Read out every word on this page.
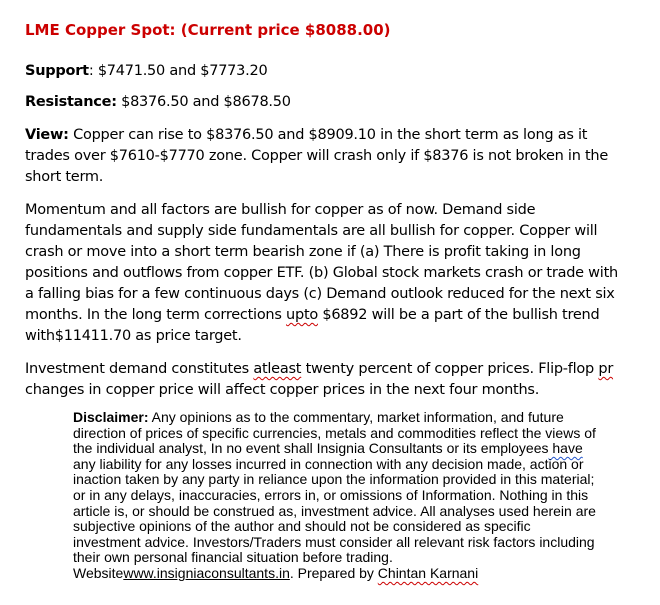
LME Copper Spot: (Current price $8088.00)
Support: $7471.50 and $7773.20
Resistance: $8376.50 and $8678.50
View: Copper can rise to $8376.50 and $8909.10 in the short term as long as it
trades over $7610-$7770 zone. Copper will crash only if $8376 is not broken in the
short term.
Momentum and all factors are bullish for copper as of now. Demand side
fundamentals and supply side fundamentals are all bullish for copper. Copper will
crash or move into a short term bearish zone if (a) There is profit taking in long
positions and outflows from copper ETF. (b) Global stock markets crash or trade with
a falling bias for a few continuous days (c) Demand outlook reduced for the next six
months. In the long term corrections upto $6892 will be a part of the bullish trend
with$11411.70 as price target.
Investment demand constitutes atleast twenty percent of copper prices. Flip-flop pr
changes in copper price will affect copper prices in the next four months.
Disclaimer: Any opinions as to the commentary, market information, and future
direction of prices of specific currencies, metals and commodities reflect the views of
the individual analyst, In no event shall Insignia Consultants or its employees have
any liability for any losses incurred in connection with any decision made, action or
inaction taken by any party in reliance upon the information provided in this material;
or in any delays, inaccuracies, errors in, or omissions of Information. Nothing in this
article is, or should be construed as, investment advice. All analyses used herein are
subjective opinions of the author and should not be considered as specific
investment advice. Investors/Traders must consider all relevant risk factors including
their own personal financial situation before trading.
Websitewww.insigniaconsultants.in. Prepared by Chintan Karnani
